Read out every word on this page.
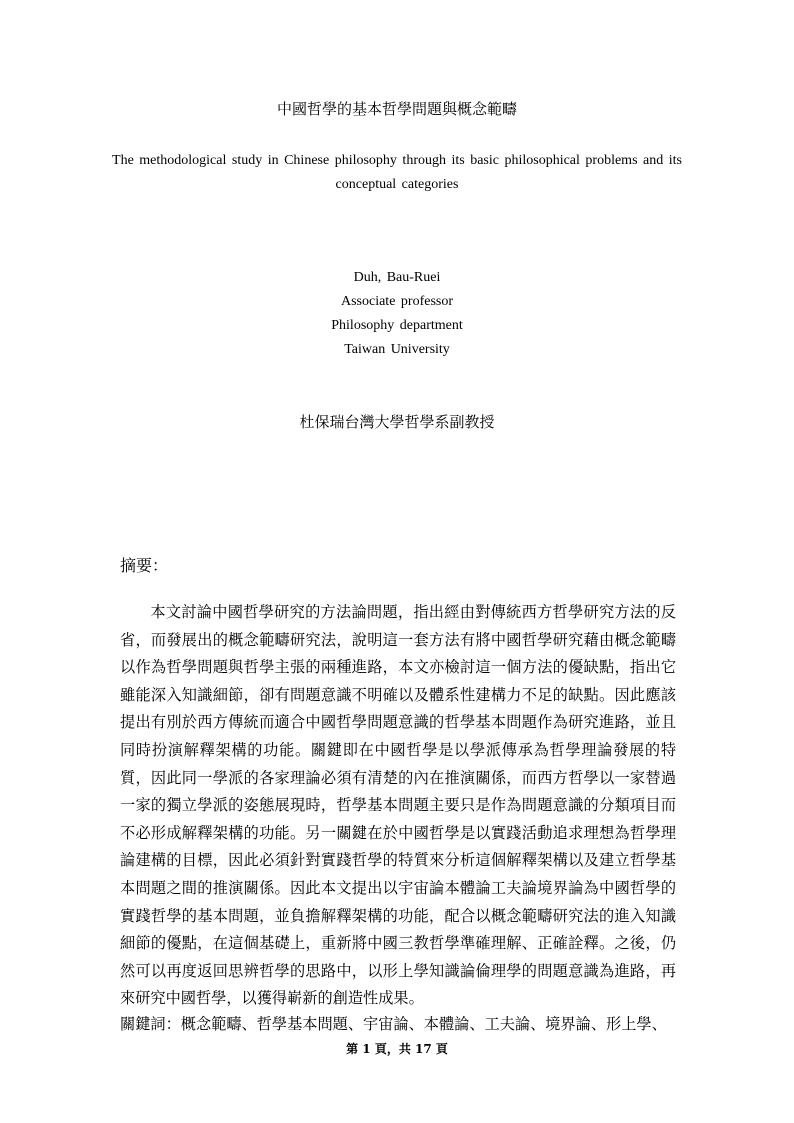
中國哲學的基本哲學問題與概念範疇
The methodological study in Chinese philosophy through its basic philosophical problems and its conceptual categories
Duh, Bau-Ruei
Associate professor
Philosophy department
Taiwan University
杜保瑞台灣大學哲學系副教授
摘要：

本文討論中國哲學研究的方法論問題，指出經由對傳統西方哲學研究方法的反省，而發展出的概念範疇研究法，說明這一套方法有將中國哲學研究藉由概念範疇以作為哲學問題與哲學主張的兩種進路，本文亦檢討這一個方法的優缺點，指出它雖能深入知識細節，卻有問題意識不明確以及體系性建構力不足的缺點。因此應該提出有別於西方傳統而適合中國哲學問題意識的哲學基本問題作為研究進路，並且同時扮演解釋架構的功能。關鍵即在中國哲學是以學派傳承為哲學理論發展的特質，因此同一學派的各家理論必須有清楚的內在推演關係，而西方哲學以一家替過一家的獨立學派的姿態展現時，哲學基本問題主要只是作為問題意識的分類項目而不必形成解釋架構的功能。另一關鍵在於中國哲學是以實踐活動追求理想為哲學理論建構的目標，因此必須針對實踐哲學的特質來分析這個解釋架構以及建立哲學基本問題之間的推演關係。因此本文提出以宇宙論本體論工夫論境界論為中國哲學的實踐哲學的基本問題，並負擔解釋架構的功能，配合以概念範疇研究法的進入知識細節的優點，在這個基礎上，重新將中國三教哲學準確理解、正確詮釋。之後，仍然可以再度返回思辨哲學的思路中，以形上學知識論倫理學的問題意識為進路，再來研究中國哲學，以獲得嶄新的創造性成果。

關鍵詞：概念範疇、哲學基本問題、宇宙論、本體論、工夫論、境界論、形上學、
第 1 頁，共 17 頁
